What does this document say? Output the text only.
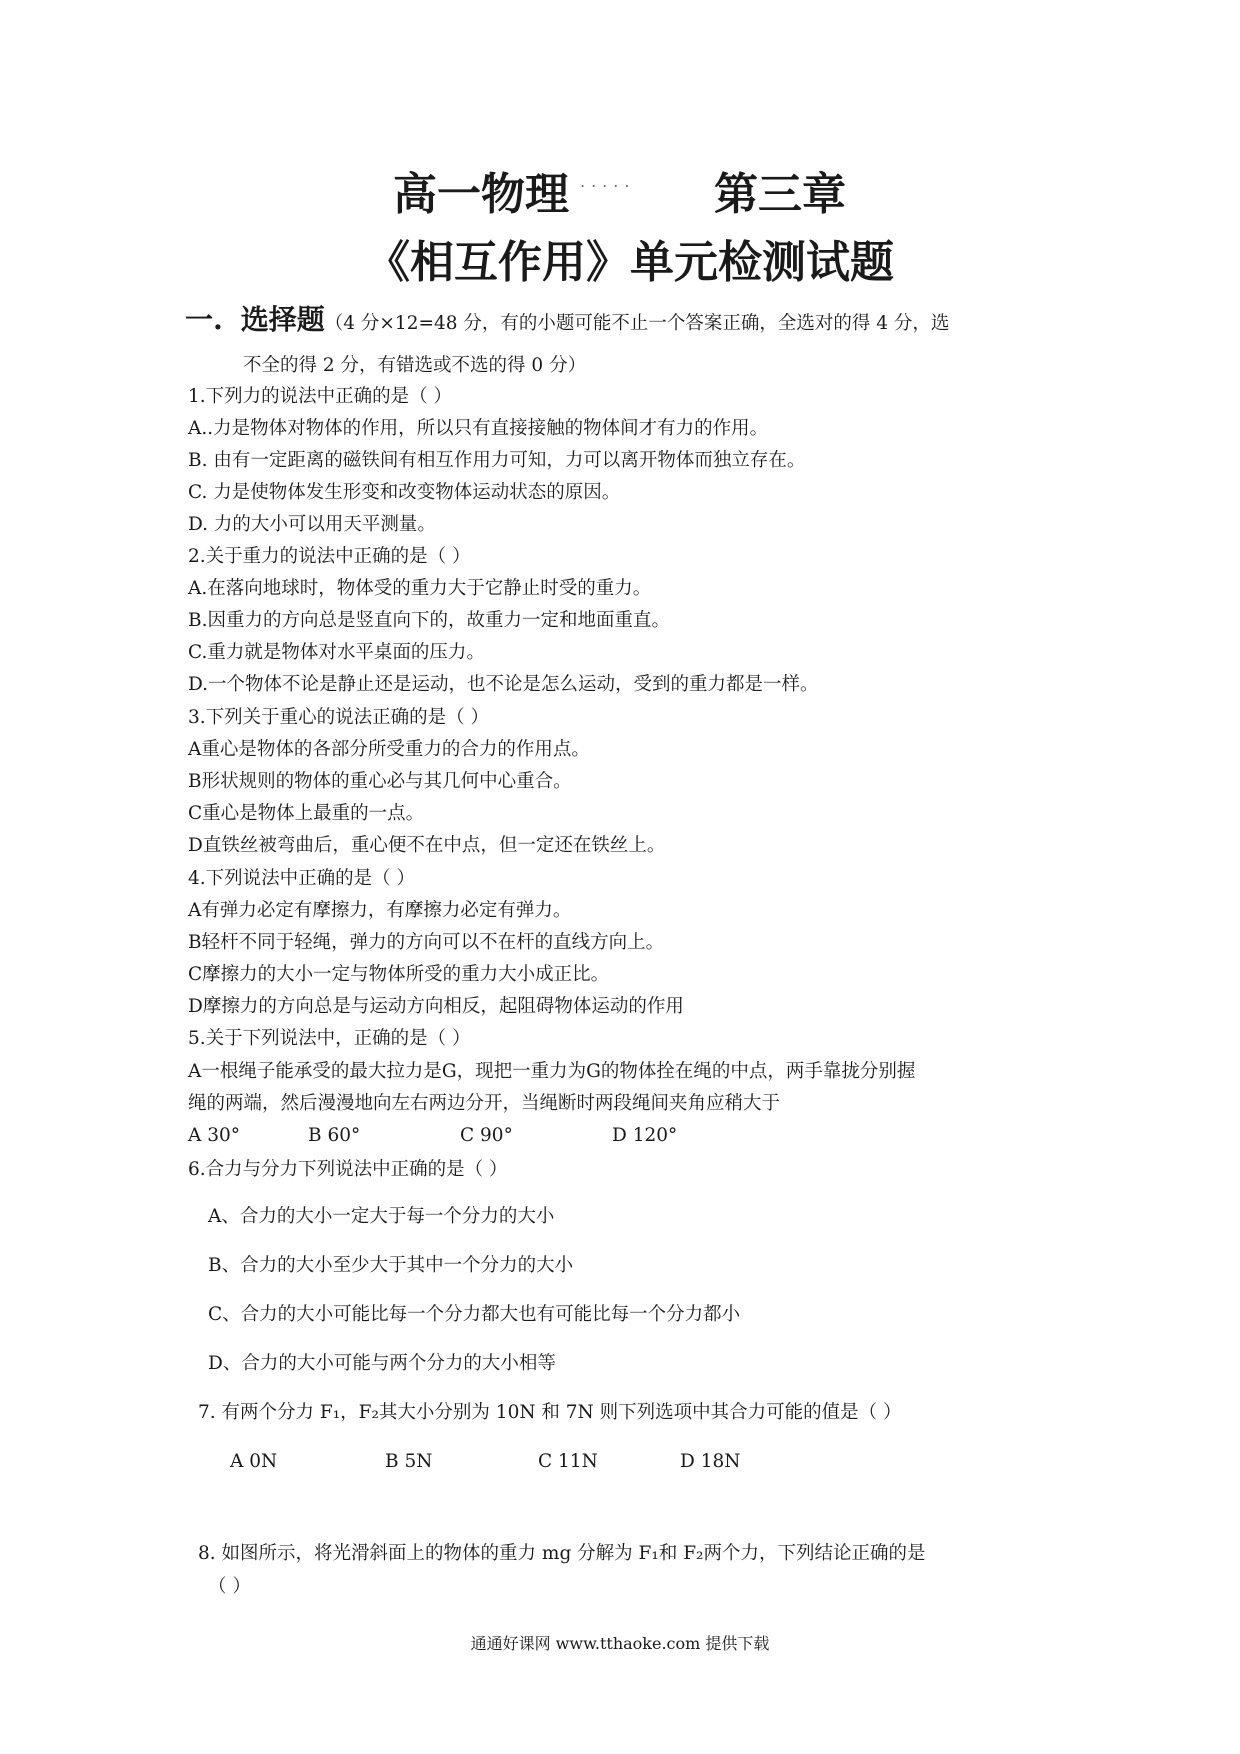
高一物理 ..... 第三章
《相互作用》单元检测试题
一. 选择题（4 分×12=48 分，有的小题可能不止一个答案正确，全选对的得 4 分，选
不全的得 2 分，有错选或不选的得 0 分）
1.下列力的说法中正确的是（ ）
A..力是物体对物体的作用，所以只有直接接触的物体间才有力的作用。
B. 由有一定距离的磁铁间有相互作用力可知，力可以离开物体而独立存在。
C. 力是使物体发生形变和改变物体运动状态的原因。
D. 力的大小可以用天平测量。
2.关于重力的说法中正确的是（ ）
A.在落向地球时，物体受的重力大于它静止时受的重力。
B.因重力的方向总是竖直向下的，故重力一定和地面重直。
C.重力就是物体对水平桌面的压力。
D.一个物体不论是静止还是运动，也不论是怎么运动，受到的重力都是一样。
3.下列关于重心的说法正确的是（ ）
A重心是物体的各部分所受重力的合力的作用点。
B形状规则的物体的重心必与其几何中心重合。
C重心是物体上最重的一点。
D直铁丝被弯曲后，重心便不在中点，但一定还在铁丝上。
4.下列说法中正确的是（ ）
A有弹力必定有摩擦力，有摩擦力必定有弹力。
B轻杆不同于轻绳，弹力的方向可以不在杆的直线方向上。
C摩擦力的大小一定与物体所受的重力大小成正比。
D摩擦力的方向总是与运动方向相反，起阻碍物体运动的作用
5.关于下列说法中，正确的是（ ）
A一根绳子能承受的最大拉力是G，现把一重力为G的物体拴在绳的中点，两手靠拢分别握
绳的两端，然后漫漫地向左右两边分开，当绳断时两段绳间夹角应稍大于
A 30°	B 60°	C 90°	D 120°
6.合力与分力下列说法中正确的是（ ）
A、合力的大小一定大于每一个分力的大小
B、合力的大小至少大于其中一个分力的大小
C、合力的大小可能比每一个分力都大也有可能比每一个分力都小
D、合力的大小可能与两个分力的大小相等
7. 有两个分力 F₁，F₂其大小分别为 10N 和 7N 则下列选项中其合力可能的值是（ ）
A 0N	B 5N	C 11N	D 18N
8. 如图所示，将光滑斜面上的物体的重力 mg 分解为 F₁和 F₂两个力，下列结论正确的是
（ ）
通通好课网 www.tthaoke.com 提供下载
